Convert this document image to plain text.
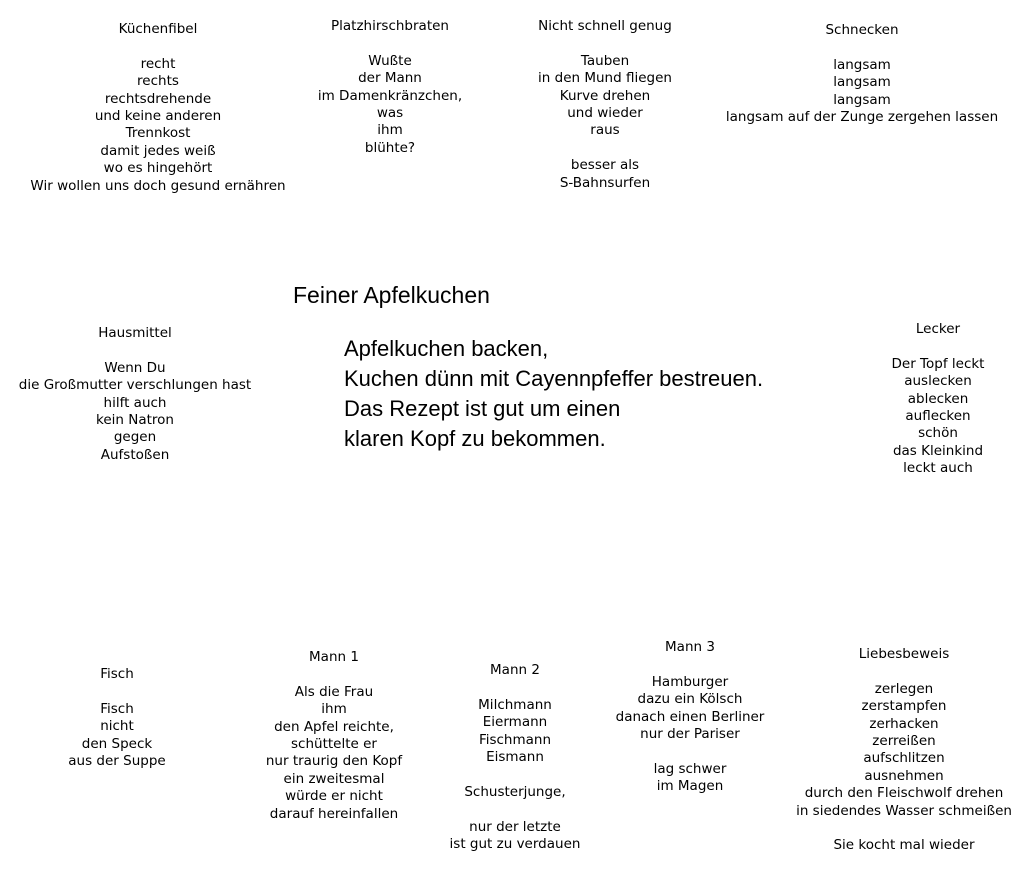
Küchenfibel
recht
rechts
rechtsdrehende
und keine anderen
Trennkost
damit jedes weiß
wo es hingehört
Wir wollen uns doch gesund ernähren
Platzhirschbraten
Wußte
der Mann
im Damenkränzchen,
was
ihm
blühte?
Nicht schnell genug
Tauben
in den Mund fliegen
Kurve drehen
und wieder
raus
besser als
S-Bahnsurfen
Schnecken
langsam
langsam
langsam
langsam auf der Zunge zergehen lassen
Hausmittel
Wenn Du
die Großmutter verschlungen hast
hilft auch
kein Natron
gegen
Aufstoßen
Feiner Apfelkuchen
Apfelkuchen backen,
Kuchen dünn mit Cayennpfeffer bestreuen.
Das Rezept ist gut um einen
klaren Kopf zu bekommen.
Lecker
Der Topf leckt
auslecken
ablecken
auflecken
schön
das Kleinkind
leckt auch
Fisch
Fisch
nicht
den Speck
aus der Suppe
Mann 1
Als die Frau
ihm
den Apfel reichte,
schüttelte er
nur traurig den Kopf
ein zweitesmal
würde er nicht
darauf hereinfallen
Mann 2
Milchmann
Eiermann
Fischmann
Eismann
Schusterjunge,
nur der letzte
ist gut zu verdauen
Mann 3
Hamburger
dazu ein Kölsch
danach einen Berliner
nur der Pariser
lag schwer
im Magen
Liebesbeweis
zerlegen
zerstampfen
zerhacken
zerreißen
aufschlitzen
ausnehmen
durch den Fleischwolf drehen
in siedendes Wasser schmeißen
Sie kocht mal wieder
